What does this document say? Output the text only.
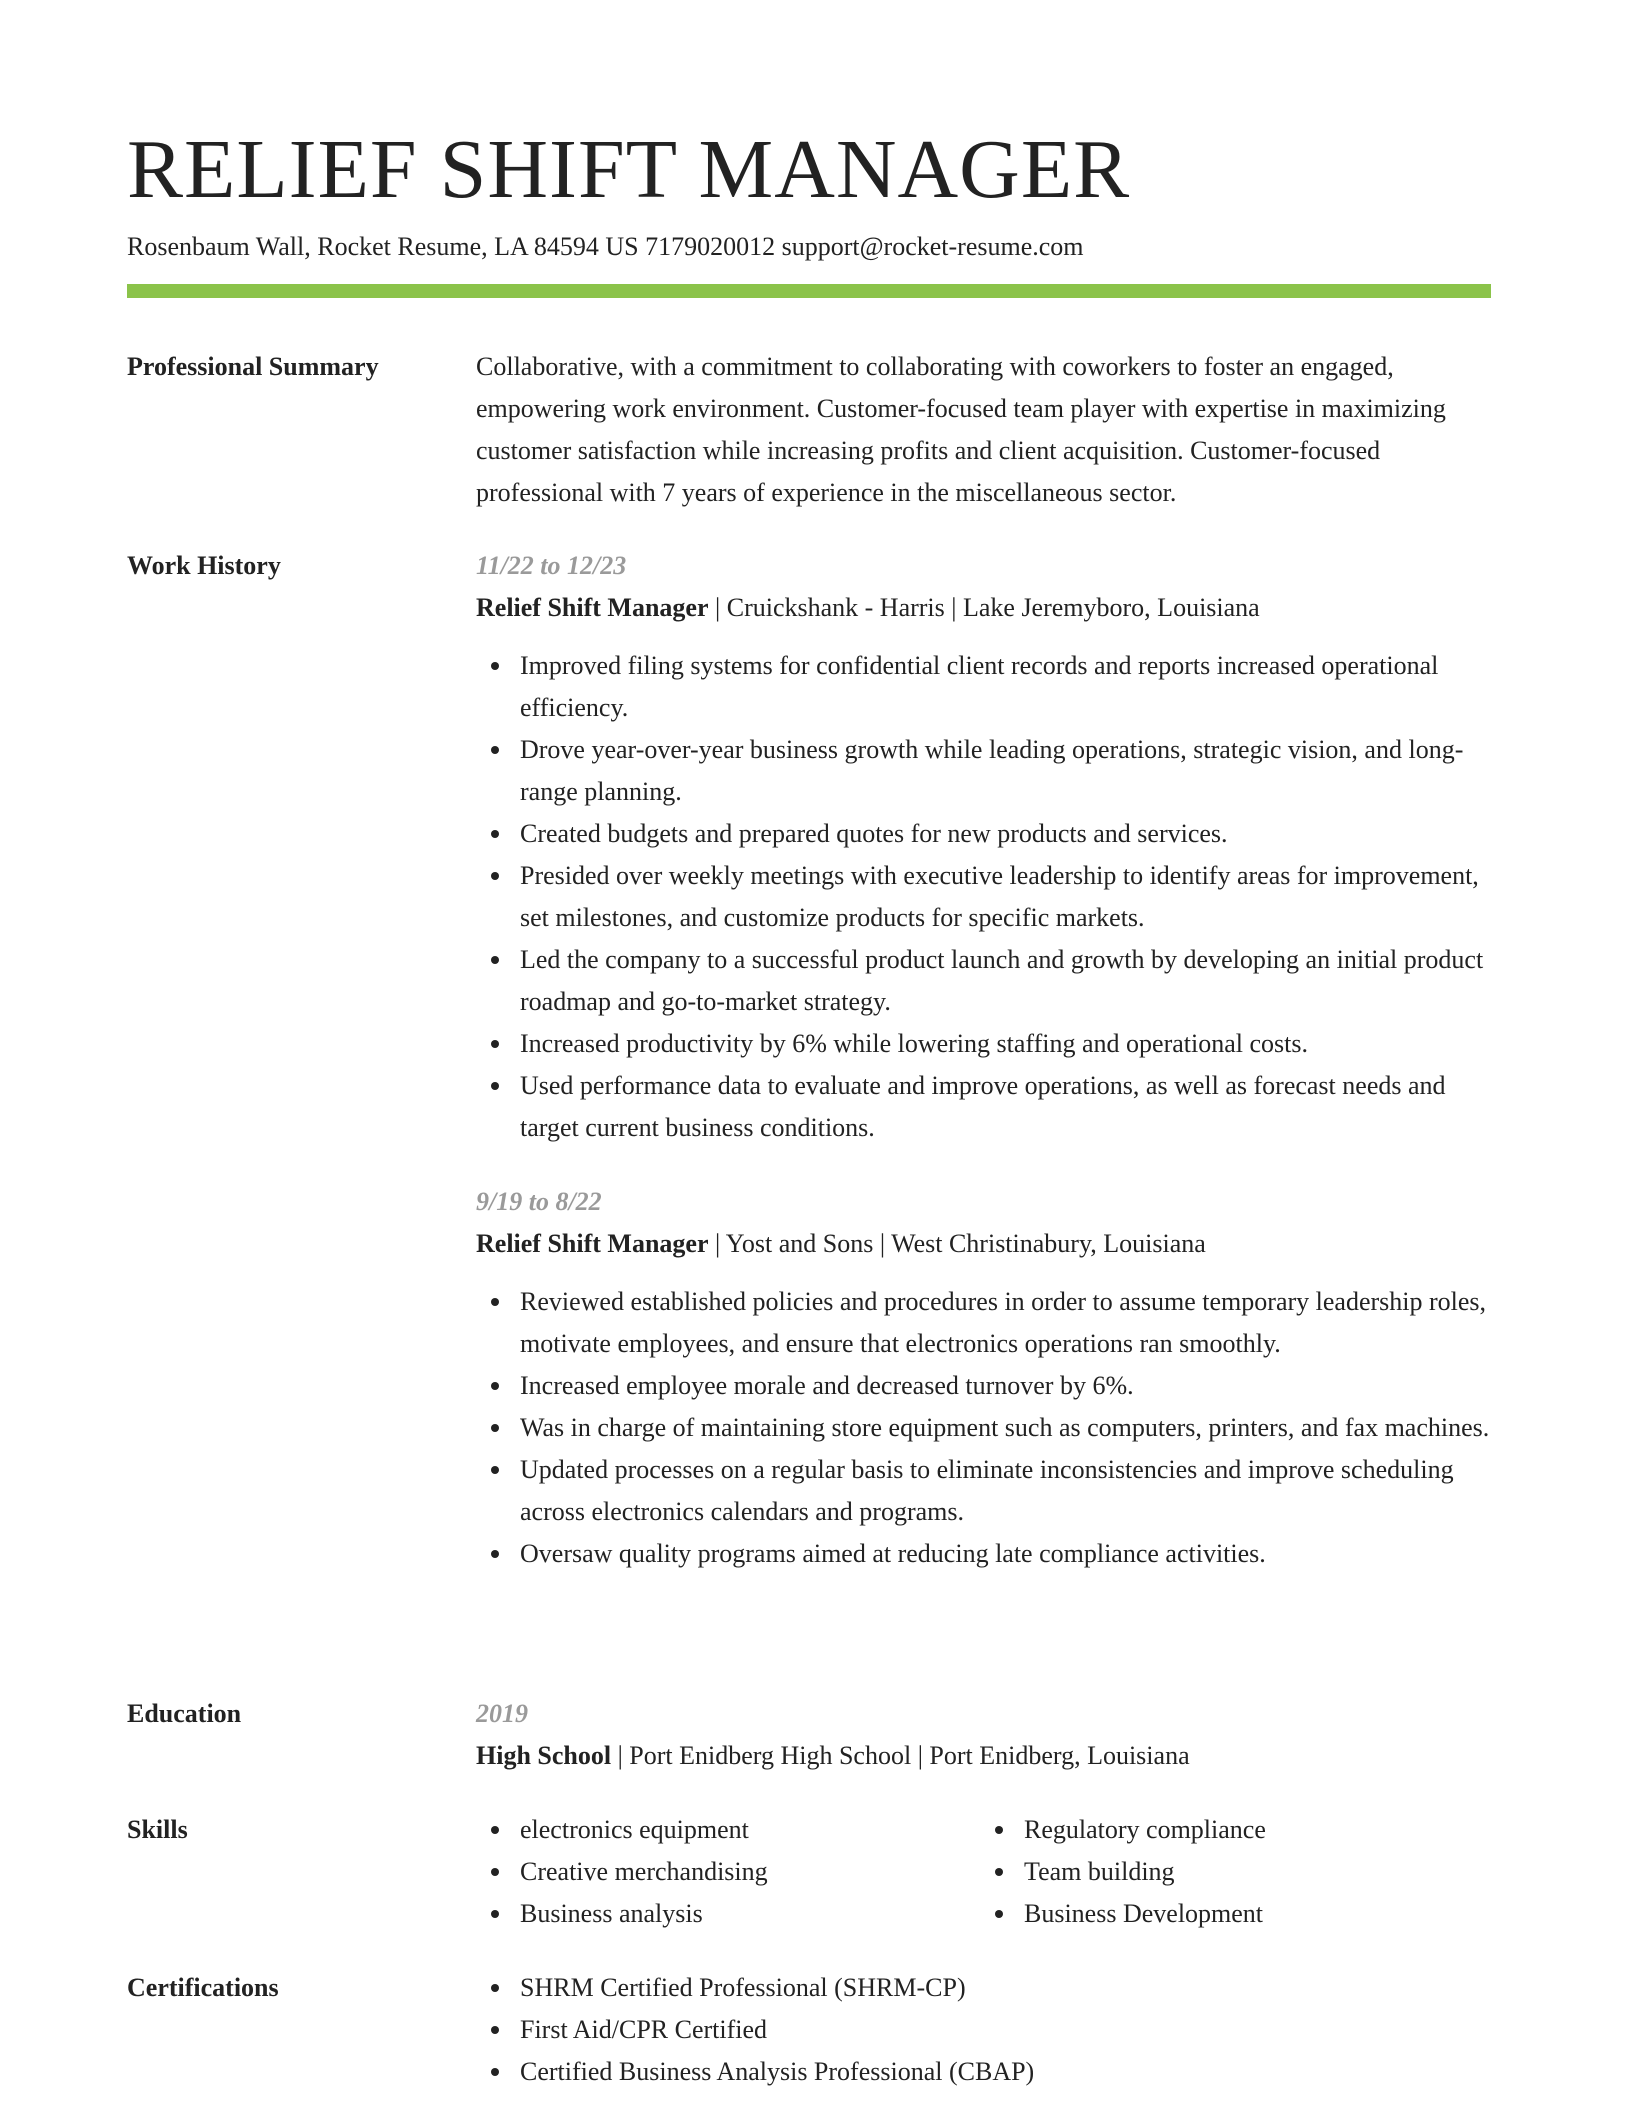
RELIEF SHIFT MANAGER
Rosenbaum Wall, Rocket Resume, LA 84594 US 7179020012 support@rocket-resume.com
Professional Summary	Collaborative, with a commitment to collaborating with coworkers to foster an engaged, empowering work environment. Customer-focused team player with expertise in maximizing customer satisfaction while increasing profits and client acquisition. Customer-focused professional with 7 years of experience in the miscellaneous sector.

Work History	11/22 to 12/23

Relief Shift Manager | Cruickshank - Harris | Lake Jeremyboro, Louisiana

Improved filing systems for confidential client records and reports increased operational efficiency.
Drove year-over-year business growth while leading operations, strategic vision, and long-range planning.
Created budgets and prepared quotes for new products and services.
Presided over weekly meetings with executive leadership to identify areas for improvement, set milestones, and customize products for specific markets.
Led the company to a successful product launch and growth by developing an initial product roadmap and go-to-market strategy.
Increased productivity by 6% while lowering staffing and operational costs.
Used performance data to evaluate and improve operations, as well as forecast needs and target current business conditions.

9/19 to 8/22

Relief Shift Manager | Yost and Sons | West Christinabury, Louisiana

Reviewed established policies and procedures in order to assume temporary leadership roles, motivate employees, and ensure that electronics operations ran smoothly.
Increased employee morale and decreased turnover by 6%.
Was in charge of maintaining store equipment such as computers, printers, and fax machines.
Updated processes on a regular basis to eliminate inconsistencies and improve scheduling across electronics calendars and programs.
Oversaw quality programs aimed at reducing late compliance activities.
Education	2019

High School | Port Enidberg High School | Port Enidberg, Louisiana

Skills	electronics equipment
Creative merchandising
Business analysis
Regulatory compliance
Team building
Business Development
Certifications	SHRM Certified Professional (SHRM-CP)
First Aid/CPR Certified
Certified Business Analysis Professional (CBAP)
